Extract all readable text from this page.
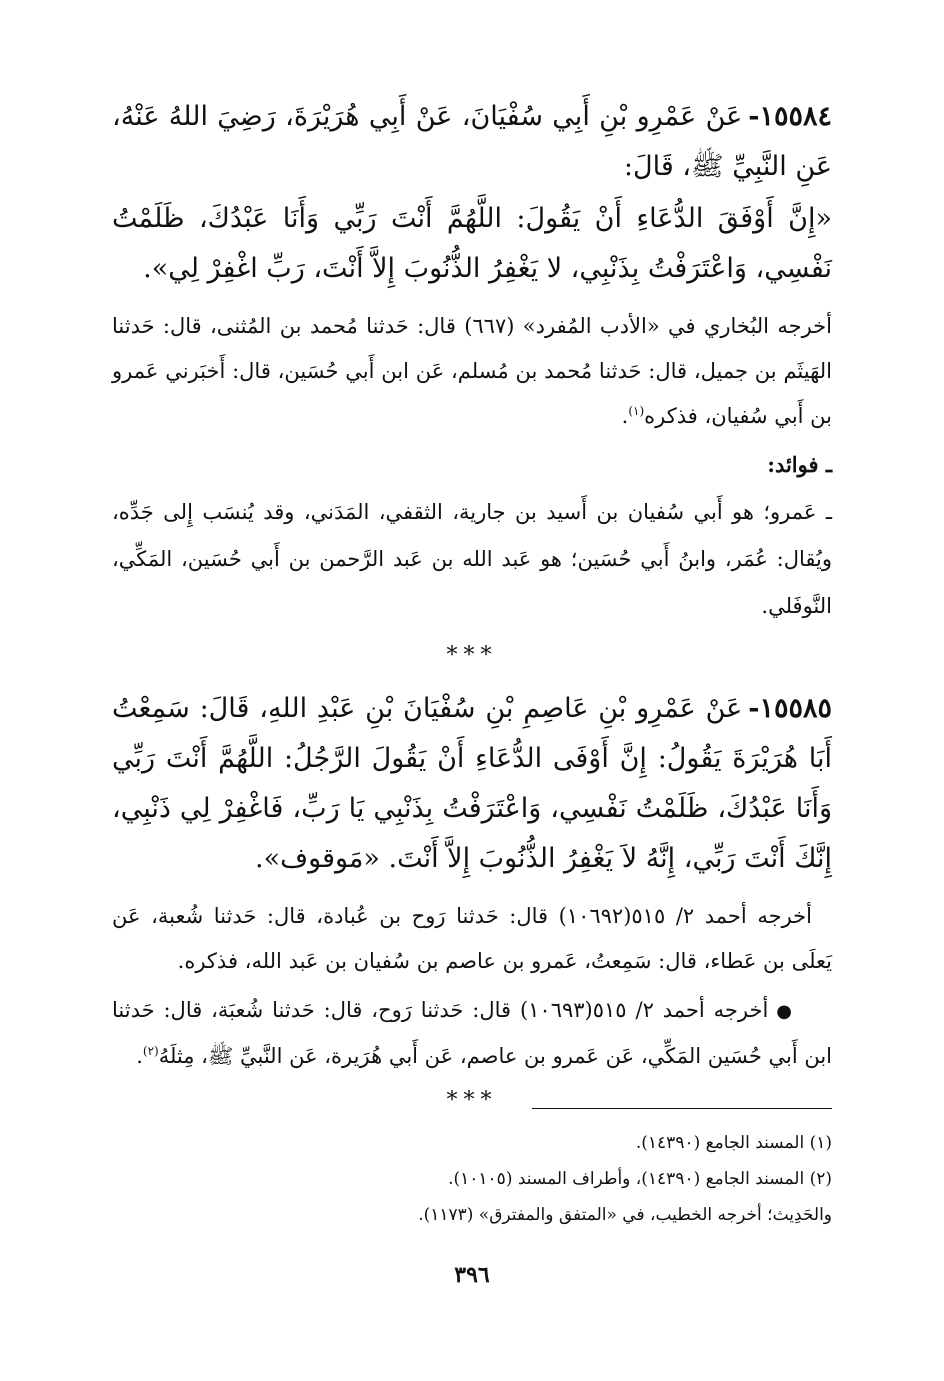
١٥٥٨٤-عَنْ عَمْرِو بْنِ أَبِي سُفْيَانَ، عَنْ أَبِي هُرَيْرَةَ، رَضِيَ اللهُ عَنْهُ، عَنِ النَّبِيِّ ﷺ، قَالَ:

«إِنَّ أَوْفَقَ الدُّعَاءِ أَنْ يَقُولَ: اللَّهُمَّ أَنْتَ رَبِّي وَأَنَا عَبْدُكَ، ظَلَمْتُ نَفْسِي، وَاعْتَرَفْتُ بِذَنْبِي، لا يَغْفِرُ الذُّنُوبَ إِلاَّ أَنْتَ، رَبِّ اغْفِرْ لِي».

أخرجه البُخاري في «الأدب المُفرد» (٦٦٧) قال: حَدثنا مُحمد بن المُثنى، قال: حَدثنا الهَيثَم بن جميل، قال: حَدثنا مُحمد بن مُسلم، عَن ابن أَبي حُسَين، قال: أَخبَرني عَمرو بن أَبي سُفيان، فذكره$^{(١)}$.

ـ فوائد:

ـ عَمرو؛ هو أَبي سُفيان بن أَسيد بن جارية، الثقفي، المَدَني، وقد يُنسَب إِلى جَدِّه، ويُقال: عُمَر، وابنُ أَبي حُسَين؛ هو عَبد الله بن عَبد الرَّحمن بن أَبي حُسَين، المَكِّي، النَّوفَلي.

***

١٥٥٨٥-عَنْ عَمْرِو بْنِ عَاصِمِ بْنِ سُفْيَانَ بْنِ عَبْدِ اللهِ، قَالَ: سَمِعْتُ أَبَا هُرَيْرَةَ يَقُولُ: إِنَّ أَوْفَى الدُّعَاءِ أَنْ يَقُولَ الرَّجُلُ: اللَّهُمَّ أَنْتَ رَبِّي وَأَنَا عَبْدُكَ، ظَلَمْتُ نَفْسِي، وَاعْتَرَفْتُ بِذَنْبِي يَا رَبِّ، فَاغْفِرْ لِي ذَنْبِي، إِنَّكَ أَنْتَ رَبِّي، إِنَّهُ لاَ يَغْفِرُ الذُّنُوبَ إِلاَّ أَنْتَ. «مَوقوف».

أخرجه أحمد ٢/ ٥١٥(١٠٦٩٢) قال: حَدثنا رَوح بن عُبادة، قال: حَدثنا شُعبة، عَن يَعلَى بن عَطاء، قال: سَمِعتُ، عَمرو بن عاصم بن سُفيان بن عَبد الله، فذكره.

●أخرجه أحمد ٢/ ٥١٥(١٠٦٩٣) قال: حَدثنا رَوح، قال: حَدثنا شُعبَة، قال: حَدثنا ابن أَبي حُسَين المَكِّي، عَن عَمرو بن عاصم، عَن أَبي هُرَيرة، عَن النَّبيِّ ﷺ، مِثلَهُ$^{(٢)}$.

***

(١) المسند الجامع (١٤٣٩٠).

(٢) المسند الجامع (١٤٣٩٠)، وأطراف المسند (١٠١٠٥).

والحَدِيث؛ أخرجه الخطيب، في «المتفق والمفترق» (١١٧٣).

٣٩٦
